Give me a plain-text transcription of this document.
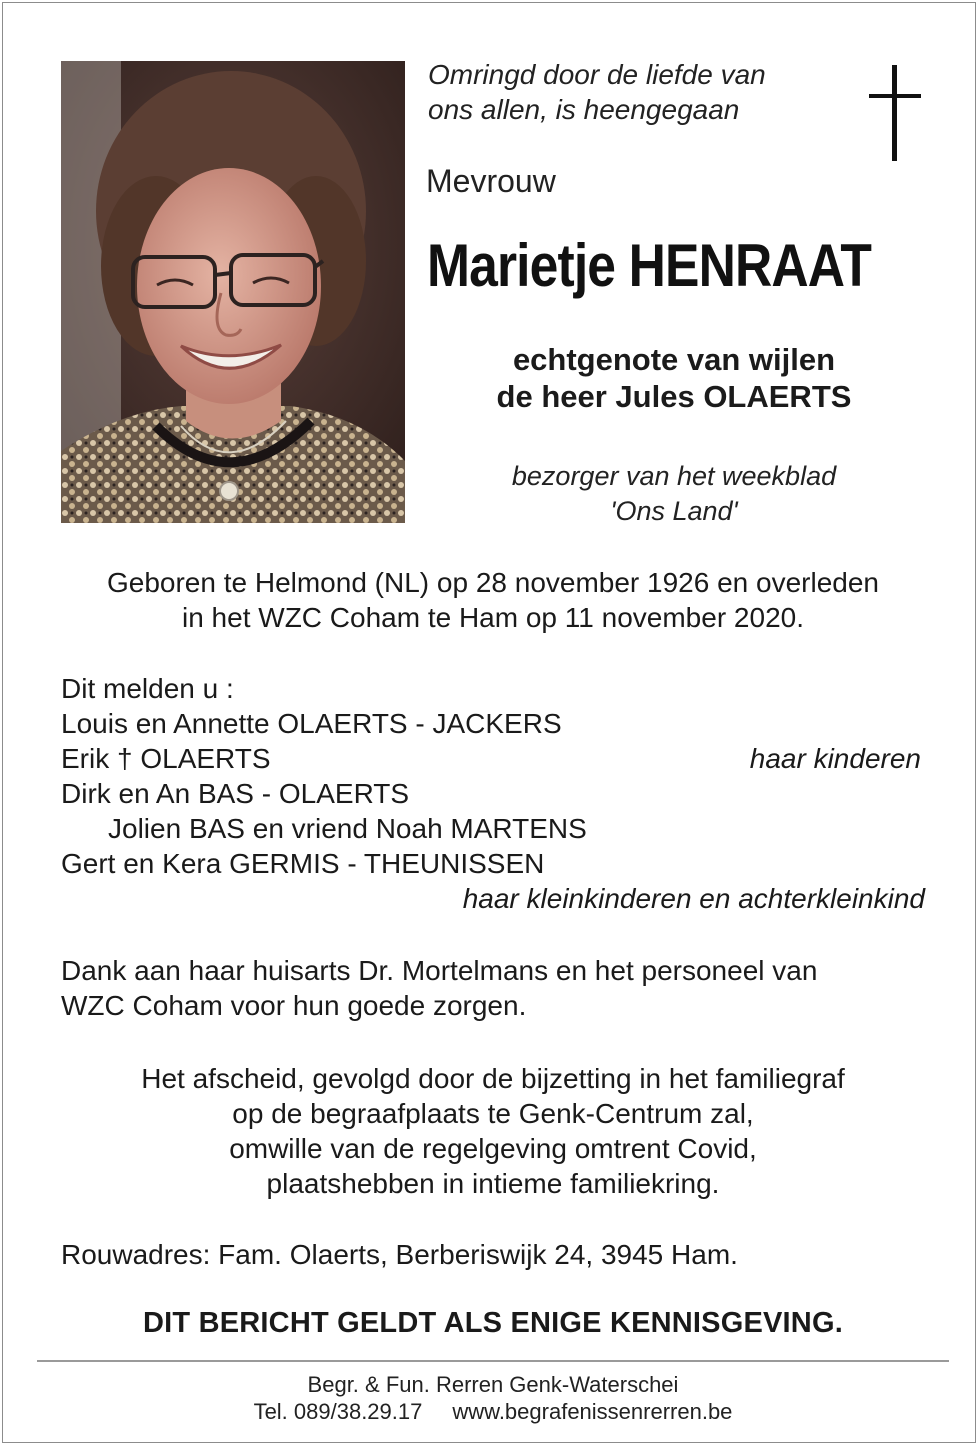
Omringd door de liefde van
ons allen, is heengegaan
Mevrouw
Marietje HENRAAT
echtgenote van wijlen
de heer Jules OLAERTS
bezorger van het weekblad
'Ons Land'
Geboren te Helmond (NL) op 28 november 1926 en overleden
in het WZC Coham te Ham op 11 november 2020.
Dit melden u :
Louis en Annette OLAERTS - JACKERS
Erik † OLAERTS	haar kinderen
Dirk en An BAS - OLAERTS
Jolien BAS en vriend Noah MARTENS
Gert en Kera GERMIS - THEUNISSEN
haar kleinkinderen en achterkleinkind
Dank aan haar huisarts Dr. Mortelmans en het personeel van
WZC Coham voor hun goede zorgen.
Het afscheid, gevolgd door de bijzetting in het familiegraf
op de begraafplaats te Genk-Centrum zal,
omwille van de regelgeving omtrent Covid,
plaatshebben in intieme familiekring.
Rouwadres: Fam. Olaerts, Berberiswijk 24, 3945 Ham.
DIT BERICHT GELDT ALS ENIGE KENNISGEVING.
Begr. & Fun. Rerren Genk-Waterschei
Tel. 089/38.29.17 www.begrafenissenrerren.be
